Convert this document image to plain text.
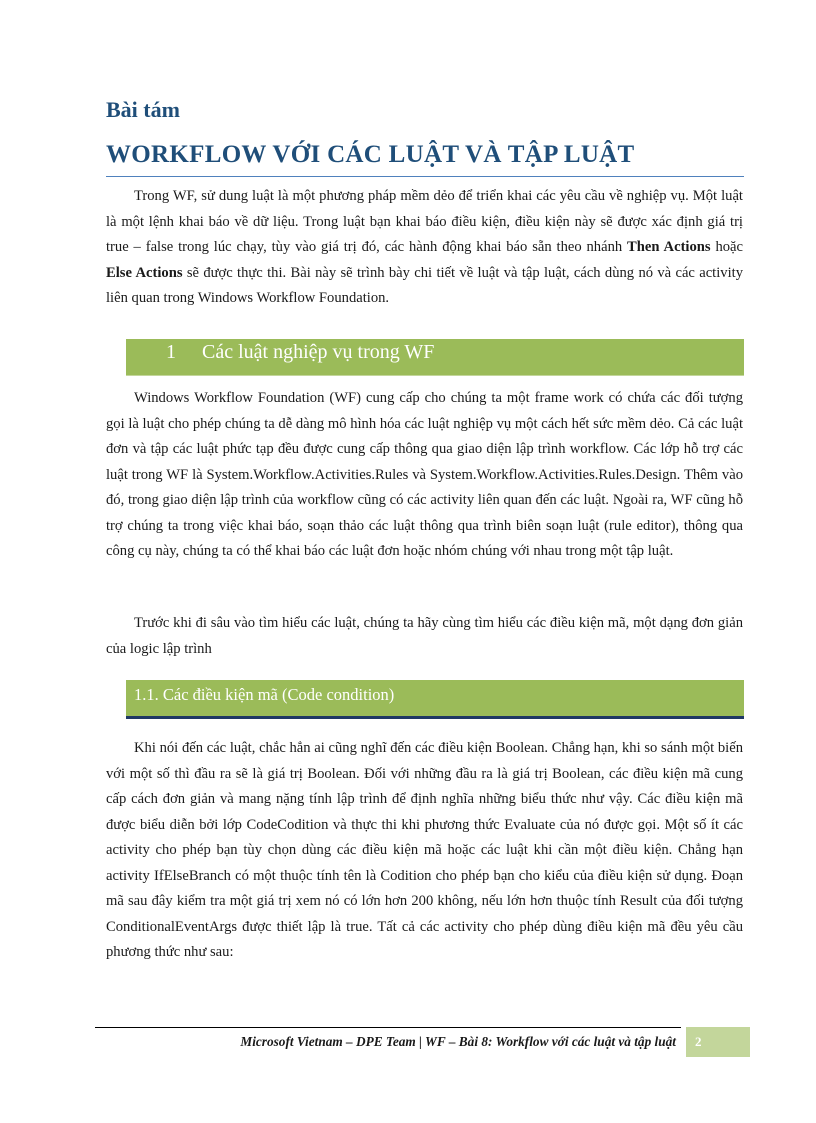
Bài tám
WORKFLOW VỚI CÁC LUẬT VÀ TẬP LUẬT

Trong WF, sử dung luật là một phương pháp mềm dẻo để triển khai các yêu cầu về nghiệp vụ. Một luật là một lệnh khai báo về dữ liệu. Trong luật bạn khai báo điều kiện, điều kiện này sẽ được xác định giá trị true – false trong lúc chạy, tùy vào giá trị đó, các hành động khai báo sẵn theo nhánh Then Actions hoặc Else Actions sẽ được thực thi. Bài này sẽ trình bày chi tiết về luật và tập luật, cách dùng nó và các activity liên quan trong Windows Workflow Foundation.

1 Các luật nghiệp vụ trong WF

Windows Workflow Foundation (WF) cung cấp cho chúng ta một frame work có chứa các đối tượng gọi là luật cho phép chúng ta dễ dàng mô hình hóa các luật nghiệp vụ một cách hết sức mềm dẻo. Cả các luật đơn và tập các luật phức tạp đều được cung cấp thông qua giao diện lập trình workflow. Các lớp hỗ trợ các luật trong WF là System.Workflow.Activities.Rules và System.Workflow.Activities.Rules.Design. Thêm vào đó, trong giao diện lập trình của workflow cũng có các activity liên quan đến các luật. Ngoài ra, WF cũng hỗ trợ chúng ta trong việc khai báo, soạn thảo các luật thông qua trình biên soạn luật (rule editor), thông qua công cụ này, chúng ta có thể khai báo các luật đơn hoặc nhóm chúng với nhau trong một tập luật.

Trước khi đi sâu vào tìm hiểu các luật, chúng ta hãy cùng tìm hiểu các điều kiện mã, một dạng đơn giản của logic lập trình

1.1. Các điều kiện mã (Code condition)

Khi nói đến các luật, chắc hẳn ai cũng nghĩ đến các điều kiện Boolean. Chẳng hạn, khi so sánh một biến với một số thì đầu ra sẽ là giá trị Boolean. Đối với những đầu ra là giá trị Boolean, các điều kiện mã cung cấp cách đơn giản và mang nặng tính lập trình để định nghĩa những biểu thức như vậy. Các điều kiện mã được biểu diễn bởi lớp CodeCodition và thực thi khi phương thức Evaluate của nó được gọi. Một số ít các activity cho phép bạn tùy chọn dùng các điều kiện mã hoặc các luật khi cần một điều kiện. Chẳng hạn activity IfElseBranch có một thuộc tính tên là Codition cho phép bạn cho kiểu của điều kiện sử dụng. Đoạn mã sau đây kiểm tra một giá trị xem nó có lớn hơn 200 không, nếu lớn hơn thuộc tính Result của đối tượng ConditionalEventArgs được thiết lập là true. Tất cả các activity cho phép dùng điều kiện mã đều yêu cầu phương thức như sau:

Microsoft Vietnam – DPE Team | WF – Bài 8: Workflow với các luật và tập luật 2
